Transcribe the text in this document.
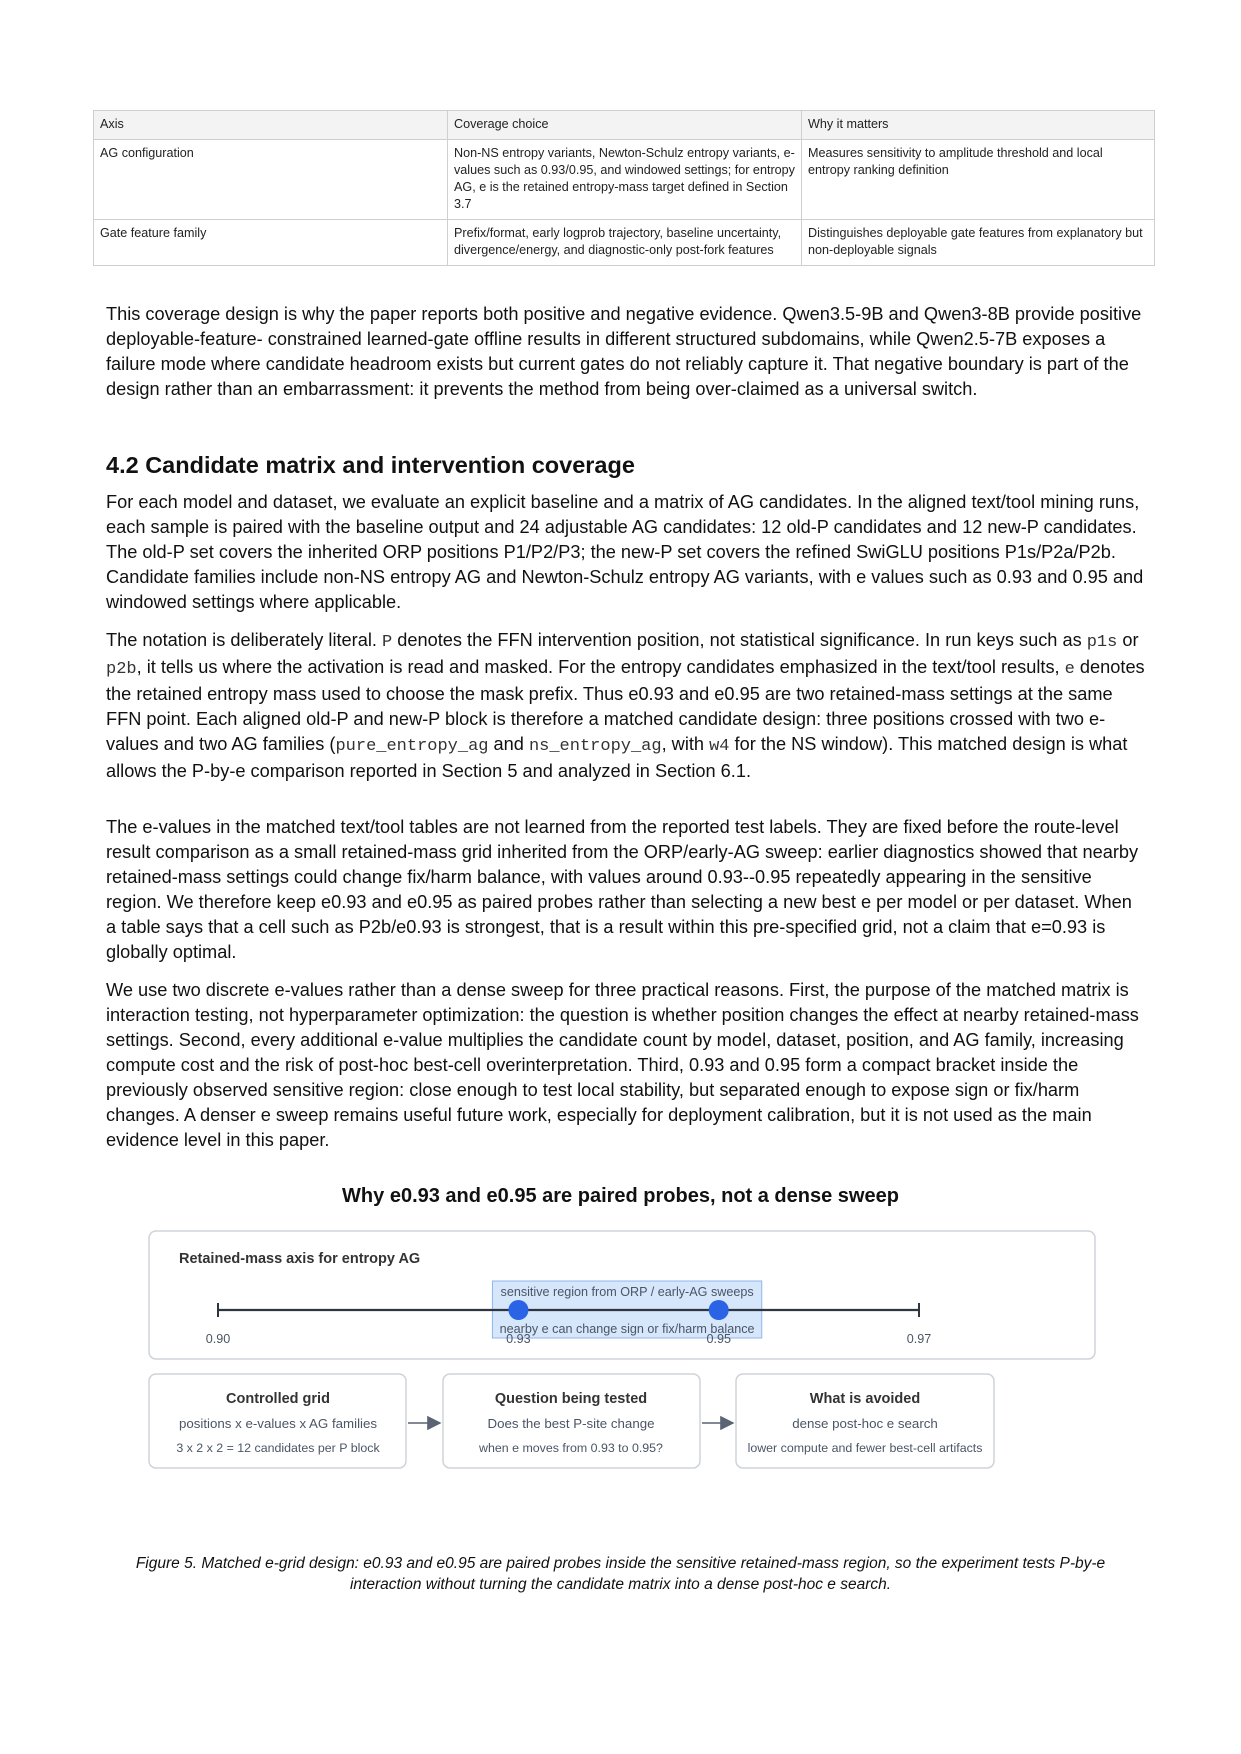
Axis	Coverage choice	Why it matters
AG configuration	Non-NS entropy variants, Newton-Schulz entropy variants, e-values such as 0.93/0.95, and windowed settings; for entropy AG, e is the retained entropy-mass target defined in Section 3.7	Measures sensitivity to amplitude threshold and local entropy ranking definition
Gate feature family	Prefix/format, early logprob trajectory, baseline uncertainty, divergence/energy, and diagnostic-only post-fork features	Distinguishes deployable gate features from explanatory but non-deployable signals

This coverage design is why the paper reports both positive and negative evidence. Qwen3.5-9B and Qwen3-8B provide positive deployable-feature- constrained learned-gate offline results in different structured subdomains, while Qwen2.5-7B exposes a failure mode where candidate headroom exists but current gates do not reliably capture it. That negative boundary is part of the design rather than an embarrassment: it prevents the method from being over-claimed as a universal switch.

4.2 Candidate matrix and intervention coverage

For each model and dataset, we evaluate an explicit baseline and a matrix of AG candidates. In the aligned text/tool mining runs, each sample is paired with the baseline output and 24 adjustable AG candidates: 12 old-P candidates and 12 new-P candidates. The old-P set covers the inherited ORP positions P1/P2/P3; the new-P set covers the refined SwiGLU positions P1s/P2a/P2b. Candidate families include non-NS entropy AG and Newton-Schulz entropy AG variants, with e values such as 0.93 and 0.95 and windowed settings where applicable.

The notation is deliberately literal. P denotes the FFN intervention position, not statistical significance. In run keys such as p1s or p2b, it tells us where the activation is read and masked. For the entropy candidates emphasized in the text/tool results, e denotes the retained entropy mass used to choose the mask prefix. Thus e0.93 and e0.95 are two retained-mass settings at the same FFN point. Each aligned old-P and new-P block is therefore a matched candidate design: three positions crossed with two e-values and two AG families (pure_entropy_ag and ns_entropy_ag, with w4 for the NS window). This matched design is what allows the P-by-e comparison reported in Section 5 and analyzed in Section 6.1.

The e-values in the matched text/tool tables are not learned from the reported test labels. They are fixed before the route-level result comparison as a small retained-mass grid inherited from the ORP/early-AG sweep: earlier diagnostics showed that nearby retained-mass settings could change fix/harm balance, with values around 0.93--0.95 repeatedly appearing in the sensitive region. We therefore keep e0.93 and e0.95 as paired probes rather than selecting a new best e per model or per dataset. When a table says that a cell such as P2b/e0.93 is strongest, that is a result within this pre-specified grid, not a claim that e=0.93 is globally optimal.

We use two discrete e-values rather than a dense sweep for three practical reasons. First, the purpose of the matched matrix is interaction testing, not hyperparameter optimization: the question is whether position changes the effect at nearby retained-mass settings. Second, every additional e-value multiplies the candidate count by model, dataset, position, and AG family, increasing compute cost and the risk of post-hoc best-cell overinterpretation. Third, 0.93 and 0.95 form a compact bracket inside the previously observed sensitive region: close enough to test local stability, but separated enough to expose sign or fix/harm changes. A denser e sweep remains useful future work, especially for deployment calibration, but it is not used as the main evidence level in this paper.

Why e0.93 and e0.95 are paired probes, not a dense sweep
Retained-mass axis for entropy AG
sensitive region from ORP / early-AG sweeps
nearby e can change sign or fix/harm balance
0.90	0.93	0.95	0.97
Controlled grid
positions x e-values x AG families
3 x 2 x 2 = 12 candidates per P block
Question being tested
Does the best P-site change
when e moves from 0.93 to 0.95?
What is avoided
dense post-hoc e search
lower compute and fewer best-cell artifacts

Figure 5. Matched e-grid design: e0.93 and e0.95 are paired probes inside the sensitive retained-mass region, so the experiment tests P-by-e interaction without turning the candidate matrix into a dense post-hoc e search.
